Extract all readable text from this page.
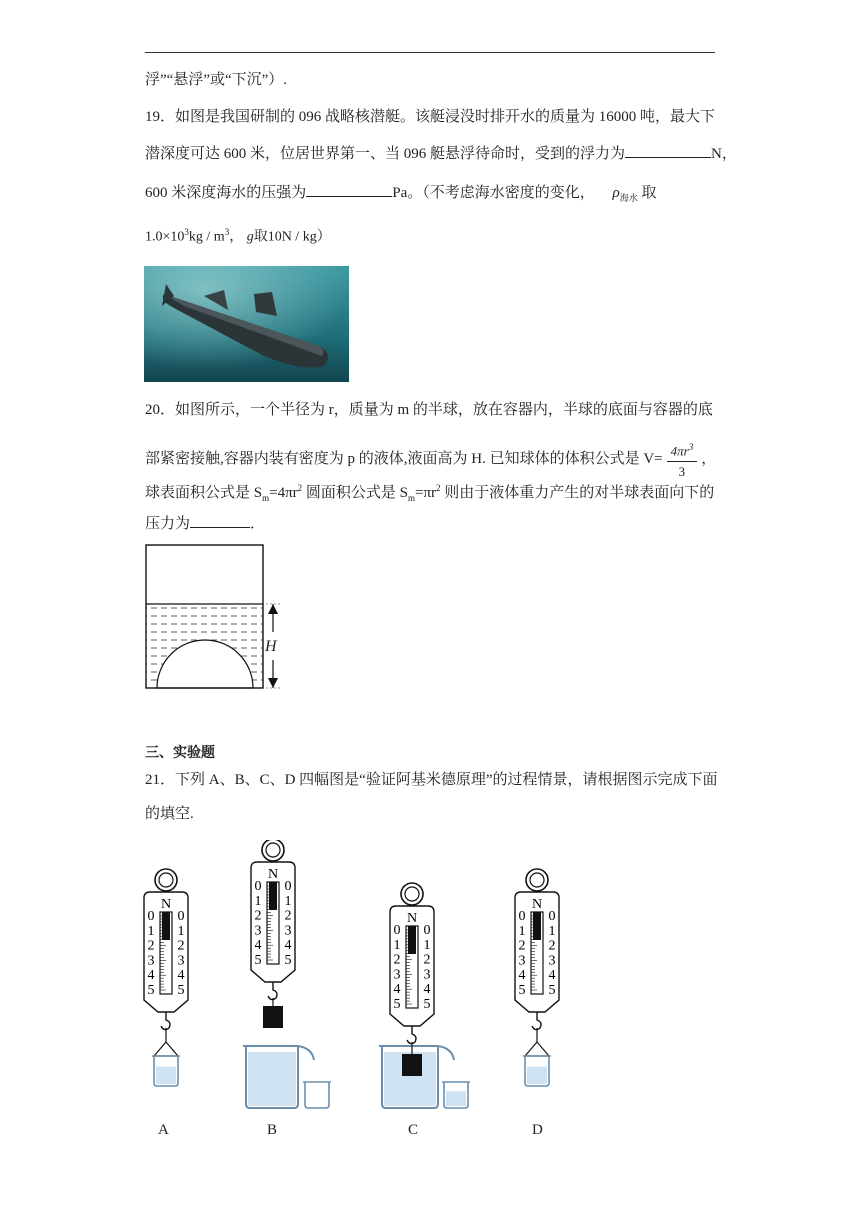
浮”“悬浮”或“下沉”）.
19．如图是我国研制的 096 战略核潜艇。该艇浸没时排开水的质量为 16000 吨，最大下
潜深度可达 600 米，位居世界第一、当 096 艇悬浮待命时，受到的浮力为	N，
600 米深度海水的压强为	Pa。（不考虑海水密度的变化， $\rho_{海水}$ 取
$1.0\times 10^3kg / m^3$， g取10N / kg）
20．如图所示，一个半径为 r，质量为 m 的半球，放在容器内，半球的底面与容器的底
部紧密接触,容器内装有密度为 p 的液体,液面高为 H. 已知球体的体积公式是 $V= \frac{4\pi r^3}{3}$ ，
球表面积公式是 $S_m=4\pi r^2$ 圆面积公式是 $S_m=\pi r^2$ 则由于液体重力产生的对半球表面向下的
压力为	．
H
三、实验题
21．下列 A、B、C、D 四幅图是“验证阿基米德原理”的过程情景，请根据图示完成下面
的填空.
N
0 0
1 1
2 2
3 3
4 4
5 5
N
0 0
1 1
2 2
3 3
4 4
5 5
N
0 0
1 1
2 2
3 3
4 4
5 5
N
0 0
1 1
2 2
3 3
4 4
5 5
A	B	C	D
